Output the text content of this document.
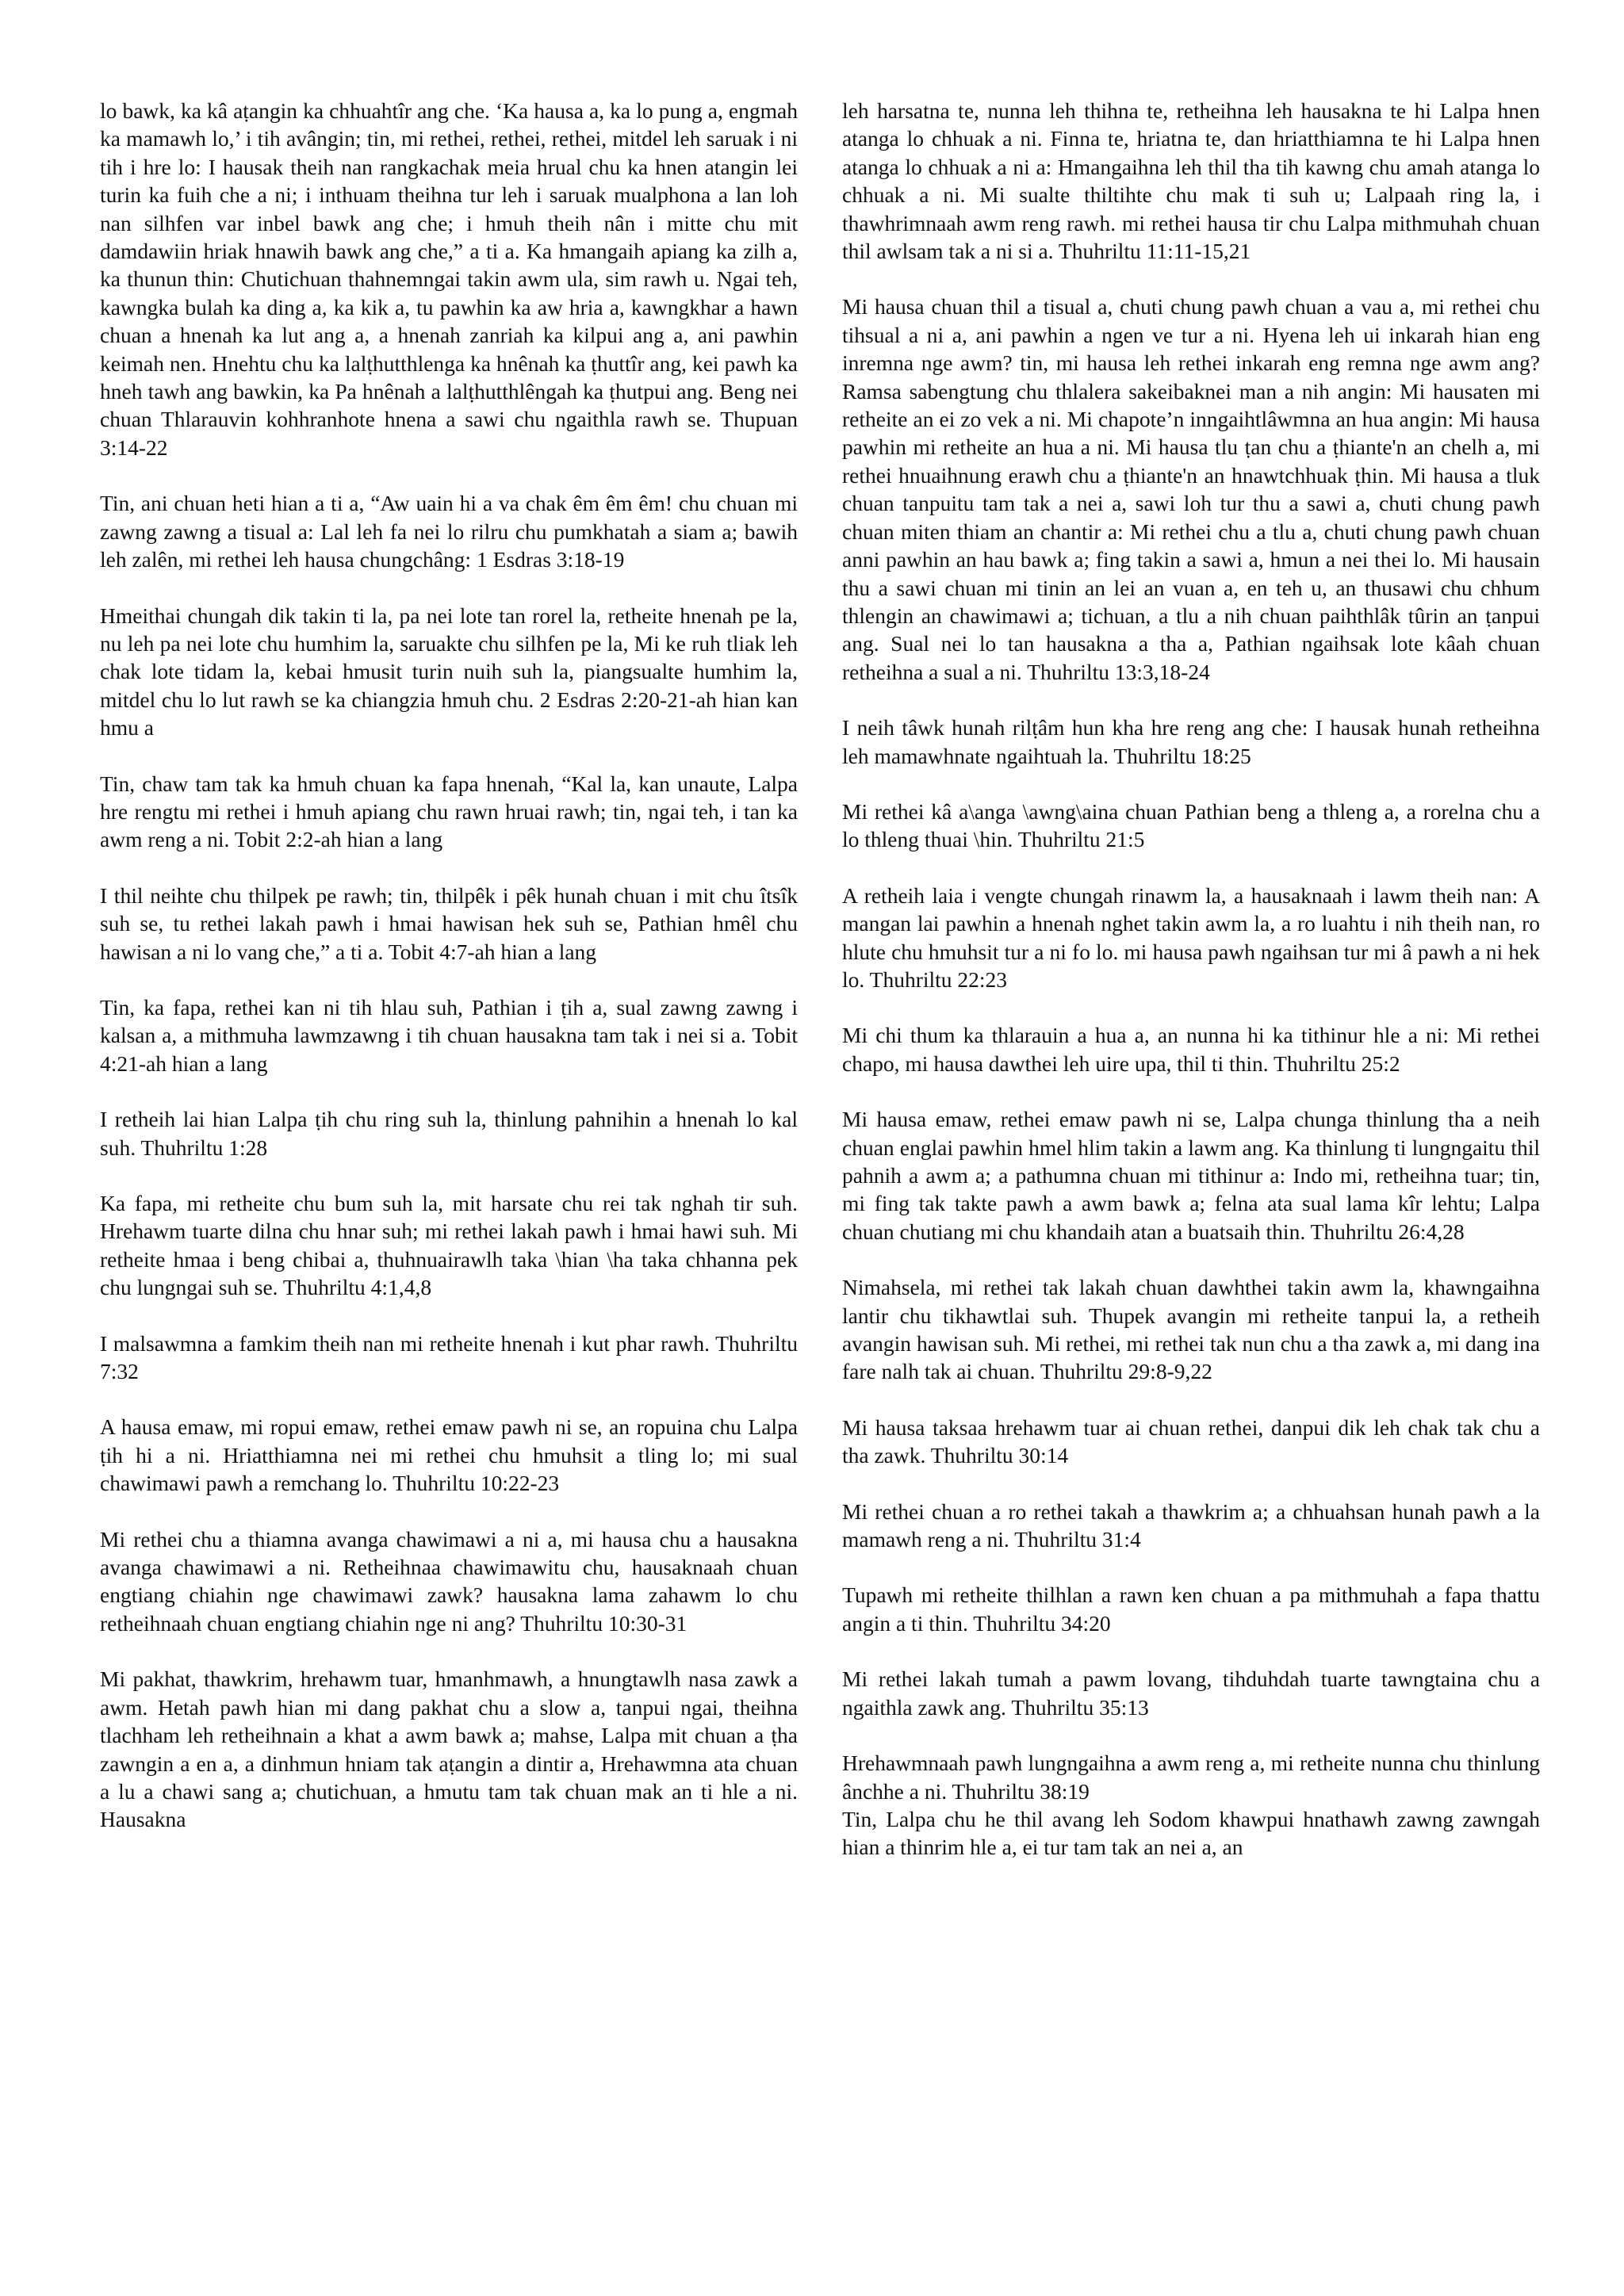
lo bawk, ka kâ aṭangin ka chhuahtîr ang che. ‘Ka hausa a, ka lo pung a, engmah ka mamawh lo,’ i tih avângin; tin, mi rethei, rethei, rethei, mitdel leh saruak i ni tih i hre lo: I hausak theih nan rangkachak meia hrual chu ka hnen atangin lei turin ka fuih che a ni; i inthuam theihna tur leh i saruak mualphona a lan loh nan silhfen var inbel bawk ang che; i hmuh theih nân i mitte chu mit damdawiin hriak hnawih bawk ang che,” a ti a. Ka hmangaih apiang ka zilh a, ka thunun thin: Chutichuan thahnemngai takin awm ula, sim rawh u. Ngai teh, kawngka bulah ka ding a, ka kik a, tu pawhin ka aw hria a, kawngkhar a hawn chuan a hnenah ka lut ang a, a hnenah zanriah ka kilpui ang a, ani pawhin keimah nen. Hnehtu chu ka lalṭhutthlenga ka hnênah ka ṭhuttîr ang, kei pawh ka hneh tawh ang bawkin, ka Pa hnênah a lalṭhutthlêngah ka ṭhutpui ang. Beng nei chuan Thlarauvin kohhranhote hnena a sawi chu ngaithla rawh se. Thupuan 3:14-22

Tin, ani chuan heti hian a ti a, “Aw uain hi a va chak êm êm êm! chu chuan mi zawng zawng a tisual a: Lal leh fa nei lo rilru chu pumkhatah a siam a; bawih leh zalên, mi rethei leh hausa chungchâng: 1 Esdras 3:18-19

Hmeithai chungah dik takin ti la, pa nei lote tan rorel la, retheite hnenah pe la, nu leh pa nei lote chu humhim la, saruakte chu silhfen pe la, Mi ke ruh tliak leh chak lote tidam la, kebai hmusit turin nuih suh la, piangsualte humhim la, mitdel chu lo lut rawh se ka chiangzia hmuh chu. 2 Esdras 2:20-21-ah hian kan hmu a

Tin, chaw tam tak ka hmuh chuan ka fapa hnenah, “Kal la, kan unaute, Lalpa hre rengtu mi rethei i hmuh apiang chu rawn hruai rawh; tin, ngai teh, i tan ka awm reng a ni. Tobit 2:2-ah hian a lang

I thil neihte chu thilpek pe rawh; tin, thilpêk i pêk hunah chuan i mit chu îtsîk suh se, tu rethei lakah pawh i hmai hawisan hek suh se, Pathian hmêl chu hawisan a ni lo vang che,” a ti a. Tobit 4:7-ah hian a lang

Tin, ka fapa, rethei kan ni tih hlau suh, Pathian i ṭih a, sual zawng zawng i kalsan a, a mithmuha lawmzawng i tih chuan hausakna tam tak i nei si a. Tobit 4:21-ah hian a lang

I retheih lai hian Lalpa ṭih chu ring suh la, thinlung pahnihin a hnenah lo kal suh. Thuhriltu 1:28

Ka fapa, mi retheite chu bum suh la, mit harsate chu rei tak nghah tir suh. Hrehawm tuarte dilna chu hnar suh; mi rethei lakah pawh i hmai hawi suh. Mi retheite hmaa i beng chibai a, thuhnuairawlh taka \hian \ha taka chhanna pek chu lungngai suh se. Thuhriltu 4:1,4,8

I malsawmna a famkim theih nan mi retheite hnenah i kut phar rawh. Thuhriltu 7:32

A hausa emaw, mi ropui emaw, rethei emaw pawh ni se, an ropuina chu Lalpa ṭih hi a ni. Hriatthiamna nei mi rethei chu hmuhsit a tling lo; mi sual chawimawi pawh a remchang lo. Thuhriltu 10:22-23

Mi rethei chu a thiamna avanga chawimawi a ni a, mi hausa chu a hausakna avanga chawimawi a ni. Retheihnaa chawimawitu chu, hausaknaah chuan engtiang chiahin nge chawimawi zawk? hausakna lama zahawm lo chu retheihnaah chuan engtiang chiahin nge ni ang? Thuhriltu 10:30-31

Mi pakhat, thawkrim, hrehawm tuar, hmanhmawh, a hnungtawlh nasa zawk a awm. Hetah pawh hian mi dang pakhat chu a slow a, tanpui ngai, theihna tlachham leh retheihnain a khat a awm bawk a; mahse, Lalpa mit chuan a ṭha zawngin a en a, a dinhmun hniam tak aṭangin a dintir a, Hrehawmna ata chuan a lu a chawi sang a; chutichuan, a hmutu tam tak chuan mak an ti hle a ni. Hausakna

leh harsatna te, nunna leh thihna te, retheihna leh hausakna te hi Lalpa hnen atanga lo chhuak a ni. Finna te, hriatna te, dan hriatthiamna te hi Lalpa hnen atanga lo chhuak a ni a: Hmangaihna leh thil tha tih kawng chu amah atanga lo chhuak a ni. Mi sualte thiltihte chu mak ti suh u; Lalpaah ring la, i thawhrimnaah awm reng rawh. mi rethei hausa tir chu Lalpa mithmuhah chuan thil awlsam tak a ni si a. Thuhriltu 11:11-15,21

Mi hausa chuan thil a tisual a, chuti chung pawh chuan a vau a, mi rethei chu tihsual a ni a, ani pawhin a ngen ve tur a ni. Hyena leh ui inkarah hian eng inremna nge awm? tin, mi hausa leh rethei inkarah eng remna nge awm ang? Ramsa sabengtung chu thlalera sakeibaknei man a nih angin: Mi hausaten mi retheite an ei zo vek a ni. Mi chapote’n inngaihtlâwmna an hua angin: Mi hausa pawhin mi retheite an hua a ni. Mi hausa tlu ṭan chu a ṭhiante'n an chelh a, mi rethei hnuaihnung erawh chu a ṭhiante'n an hnawtchhuak ṭhin. Mi hausa a tluk chuan tanpuitu tam tak a nei a, sawi loh tur thu a sawi a, chuti chung pawh chuan miten thiam an chantir a: Mi rethei chu a tlu a, chuti chung pawh chuan anni pawhin an hau bawk a; fing takin a sawi a, hmun a nei thei lo. Mi hausain thu a sawi chuan mi tinin an lei an vuan a, en teh u, an thusawi chu chhum thlengin an chawimawi a; tichuan, a tlu a nih chuan paihthlâk tûrin an ṭanpui ang. Sual nei lo tan hausakna a tha a, Pathian ngaihsak lote kâah chuan retheihna a sual a ni. Thuhriltu 13:3,18-24

I neih tâwk hunah rilṭâm hun kha hre reng ang che: I hausak hunah retheihna leh mamawhnate ngaihtuah la. Thuhriltu 18:25

Mi rethei kâ a\anga \awng\aina chuan Pathian beng a thleng a, a rorelna chu a lo thleng thuai \hin. Thuhriltu 21:5

A retheih laia i vengte chungah rinawm la, a hausaknaah i lawm theih nan: A mangan lai pawhin a hnenah nghet takin awm la, a ro luahtu i nih theih nan, ro hlute chu hmuhsit tur a ni fo lo. mi hausa pawh ngaihsan tur mi â pawh a ni hek lo. Thuhriltu 22:23

Mi chi thum ka thlarauin a hua a, an nunna hi ka tithinur hle a ni: Mi rethei chapo, mi hausa dawthei leh uire upa, thil ti thin. Thuhriltu 25:2

Mi hausa emaw, rethei emaw pawh ni se, Lalpa chunga thinlung tha a neih chuan englai pawhin hmel hlim takin a lawm ang. Ka thinlung ti lungngaitu thil pahnih a awm a; a pathumna chuan mi tithinur a: Indo mi, retheihna tuar; tin, mi fing tak takte pawh a awm bawk a; felna ata sual lama kîr lehtu; Lalpa chuan chutiang mi chu khandaih atan a buatsaih thin. Thuhriltu 26:4,28

Nimahsela, mi rethei tak lakah chuan dawhthei takin awm la, khawngaihna lantir chu tikhawtlai suh. Thupek avangin mi retheite tanpui la, a retheih avangin hawisan suh. Mi rethei, mi rethei tak nun chu a tha zawk a, mi dang ina fare nalh tak ai chuan. Thuhriltu 29:8-9,22

Mi hausa taksaa hrehawm tuar ai chuan rethei, danpui dik leh chak tak chu a tha zawk. Thuhriltu 30:14

Mi rethei chuan a ro rethei takah a thawkrim a; a chhuahsan hunah pawh a la mamawh reng a ni. Thuhriltu 31:4

Tupawh mi retheite thilhlan a rawn ken chuan a pa mithmuhah a fapa thattu angin a ti thin. Thuhriltu 34:20

Mi rethei lakah tumah a pawm lovang, tihduhdah tuarte tawngtaina chu a ngaithla zawk ang. Thuhriltu 35:13

Hrehawmnaah pawh lungngaihna a awm reng a, mi retheite nunna chu thinlung ânchhe a ni. Thuhriltu 38:19

Tin, Lalpa chu he thil avang leh Sodom khawpui hnathawh zawng zawngah hian a thinrim hle a, ei tur tam tak an nei a, an
